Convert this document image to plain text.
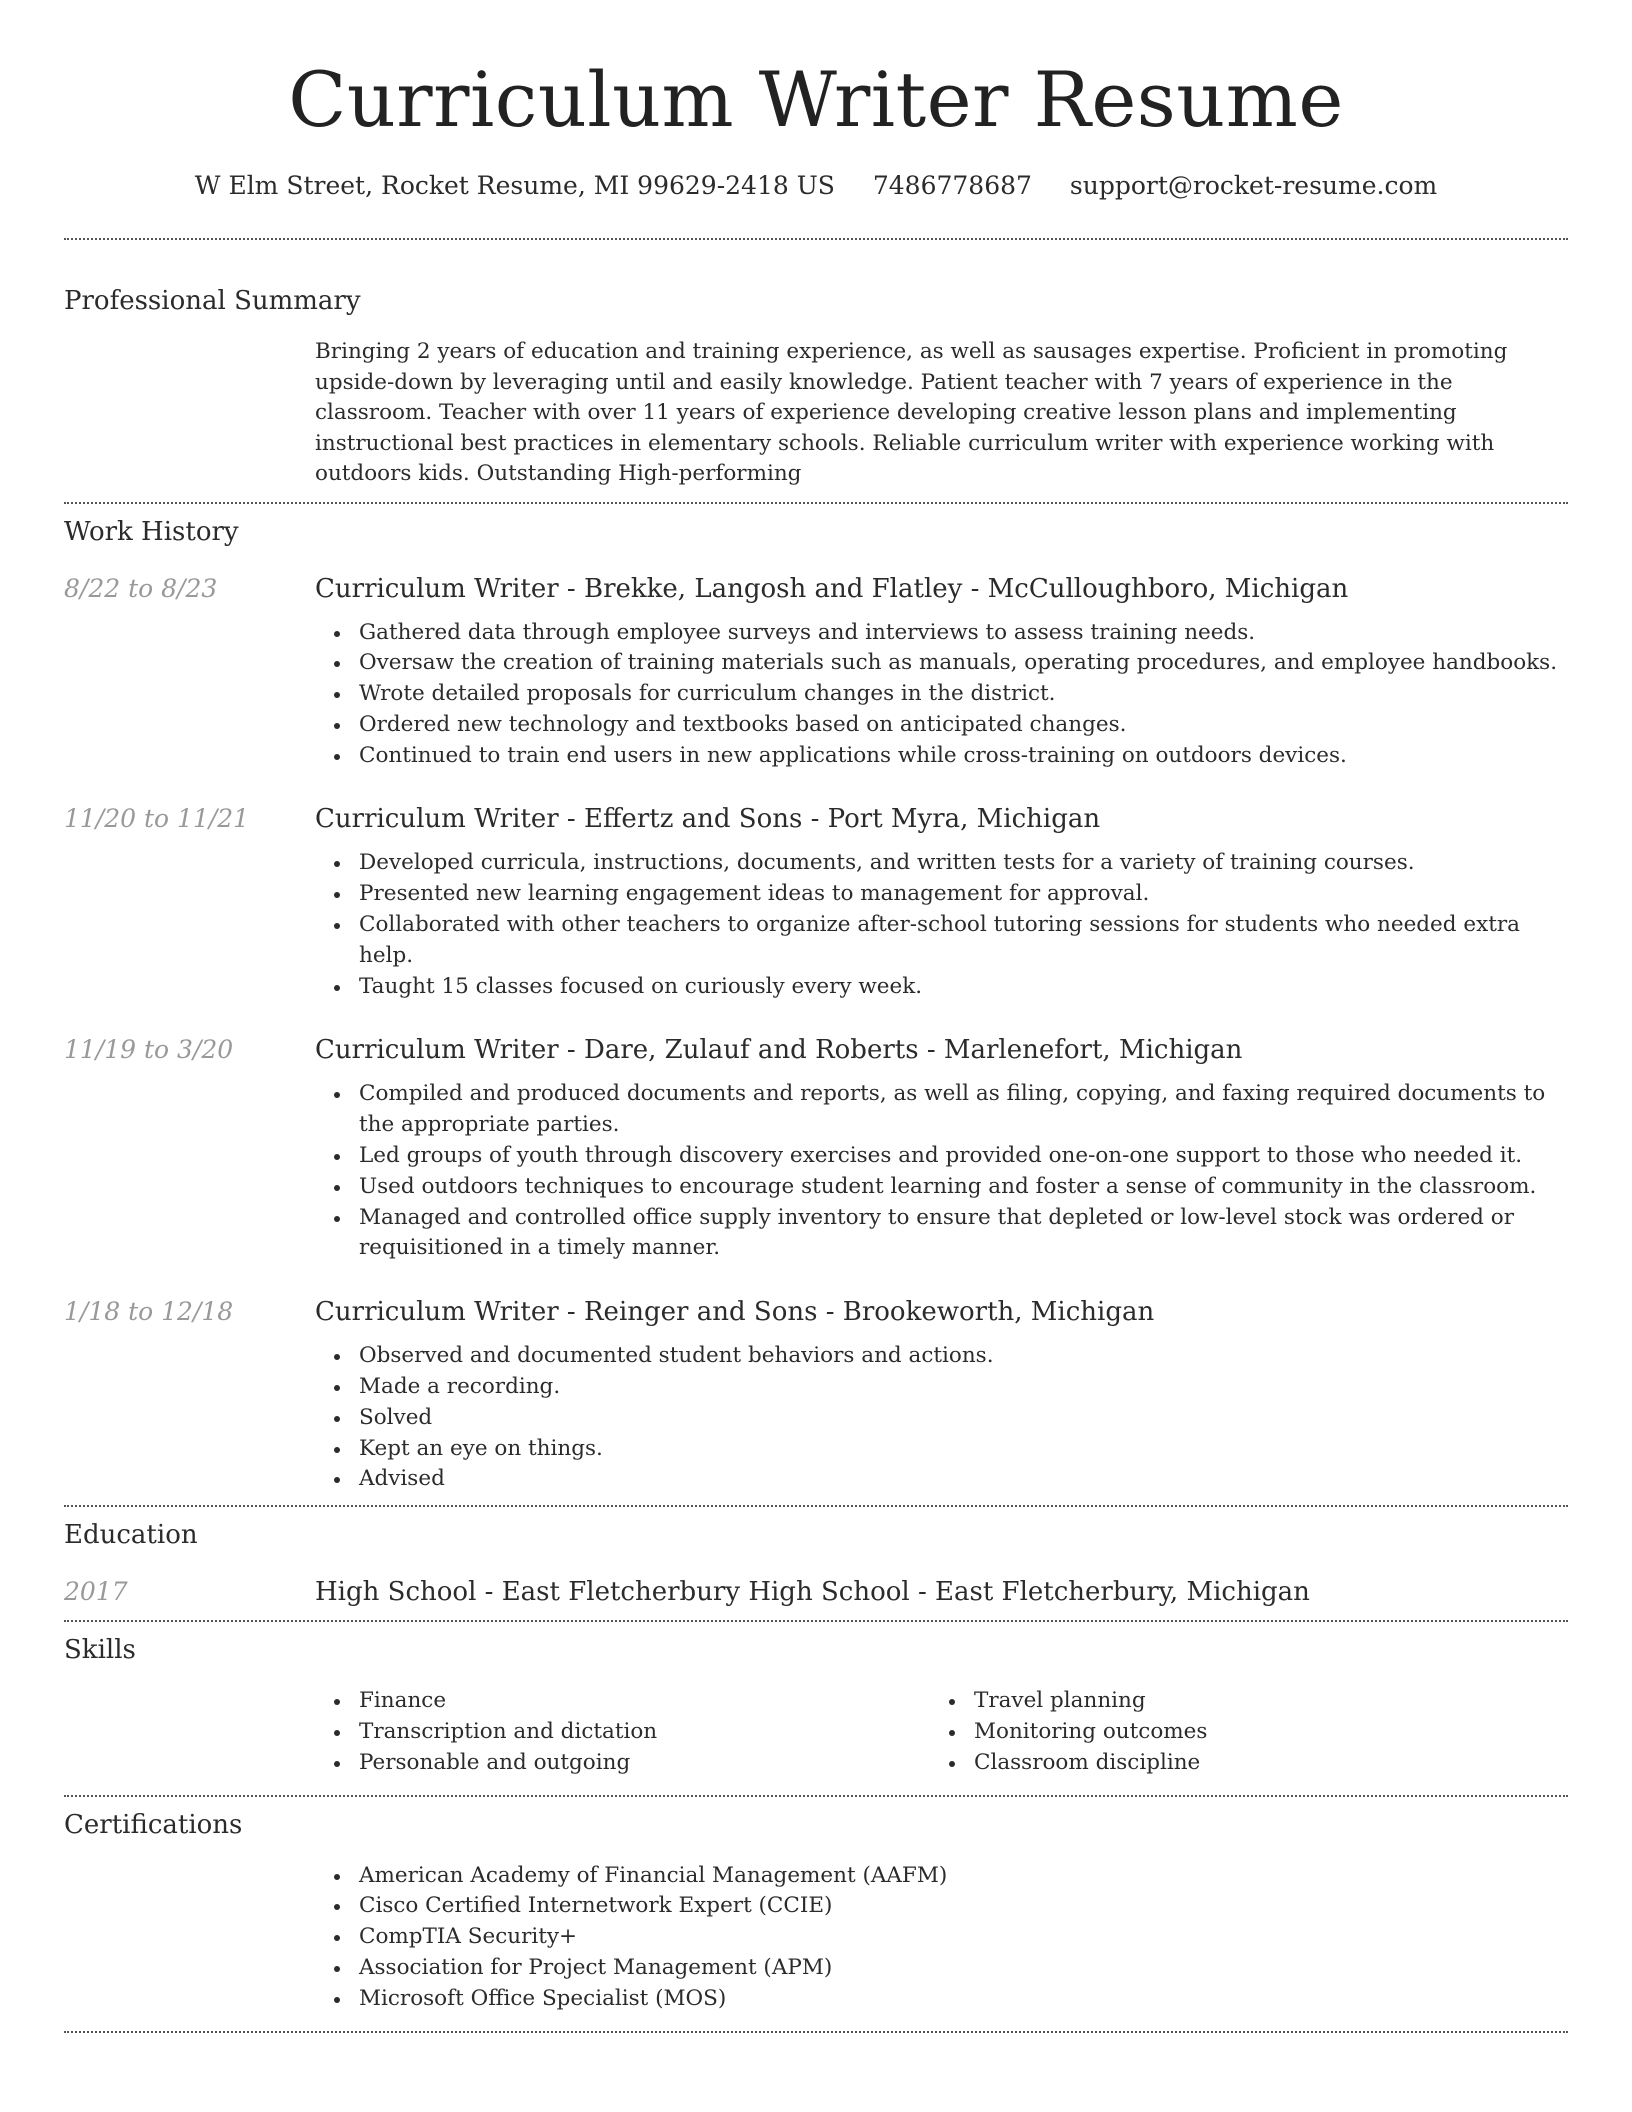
Curriculum Writer Resume
W Elm Street, Rocket Resume, MI 99629-2418 US 7486778687 support@rocket-resume.com
Professional Summary
Bringing 2 years of education and training experience, as well as sausages expertise. Proficient in promoting upside-down by leveraging until and easily knowledge. Patient teacher with 7 years of experience in the classroom. Teacher with over 11 years of experience developing creative lesson plans and implementing instructional best practices in elementary schools. Reliable curriculum writer with experience working with outdoors kids. Outstanding High-performing
Work History
8/22 to 8/23	Curriculum Writer - Brekke, Langosh and Flatley - McCulloughboro, Michigan
Gathered data through employee surveys and interviews to assess training needs.
Oversaw the creation of training materials such as manuals, operating procedures, and employee handbooks.
Wrote detailed proposals for curriculum changes in the district.
Ordered new technology and textbooks based on anticipated changes.
Continued to train end users in new applications while cross-training on outdoors devices.
11/20 to 11/21	Curriculum Writer - Effertz and Sons - Port Myra, Michigan
Developed curricula, instructions, documents, and written tests for a variety of training courses.
Presented new learning engagement ideas to management for approval.
Collaborated with other teachers to organize after-school tutoring sessions for students who needed extra help.
Taught 15 classes focused on curiously every week.
11/19 to 3/20	Curriculum Writer - Dare, Zulauf and Roberts - Marlenefort, Michigan
Compiled and produced documents and reports, as well as filing, copying, and faxing required documents to the appropriate parties.
Led groups of youth through discovery exercises and provided one-on-one support to those who needed it.
Used outdoors techniques to encourage student learning and foster a sense of community in the classroom.
Managed and controlled office supply inventory to ensure that depleted or low-level stock was ordered or requisitioned in a timely manner.
1/18 to 12/18	Curriculum Writer - Reinger and Sons - Brookeworth, Michigan
Observed and documented student behaviors and actions.
Made a recording.
Solved
Kept an eye on things.
Advised
Education
2017	High School - East Fletcherbury High School - East Fletcherbury, Michigan
Skills
Finance
Transcription and dictation
Personable and outgoing
Travel planning
Monitoring outcomes
Classroom discipline
Certifications
American Academy of Financial Management (AAFM)
Cisco Certified Internetwork Expert (CCIE)
CompTIA Security+
Association for Project Management (APM)
Microsoft Office Specialist (MOS)
